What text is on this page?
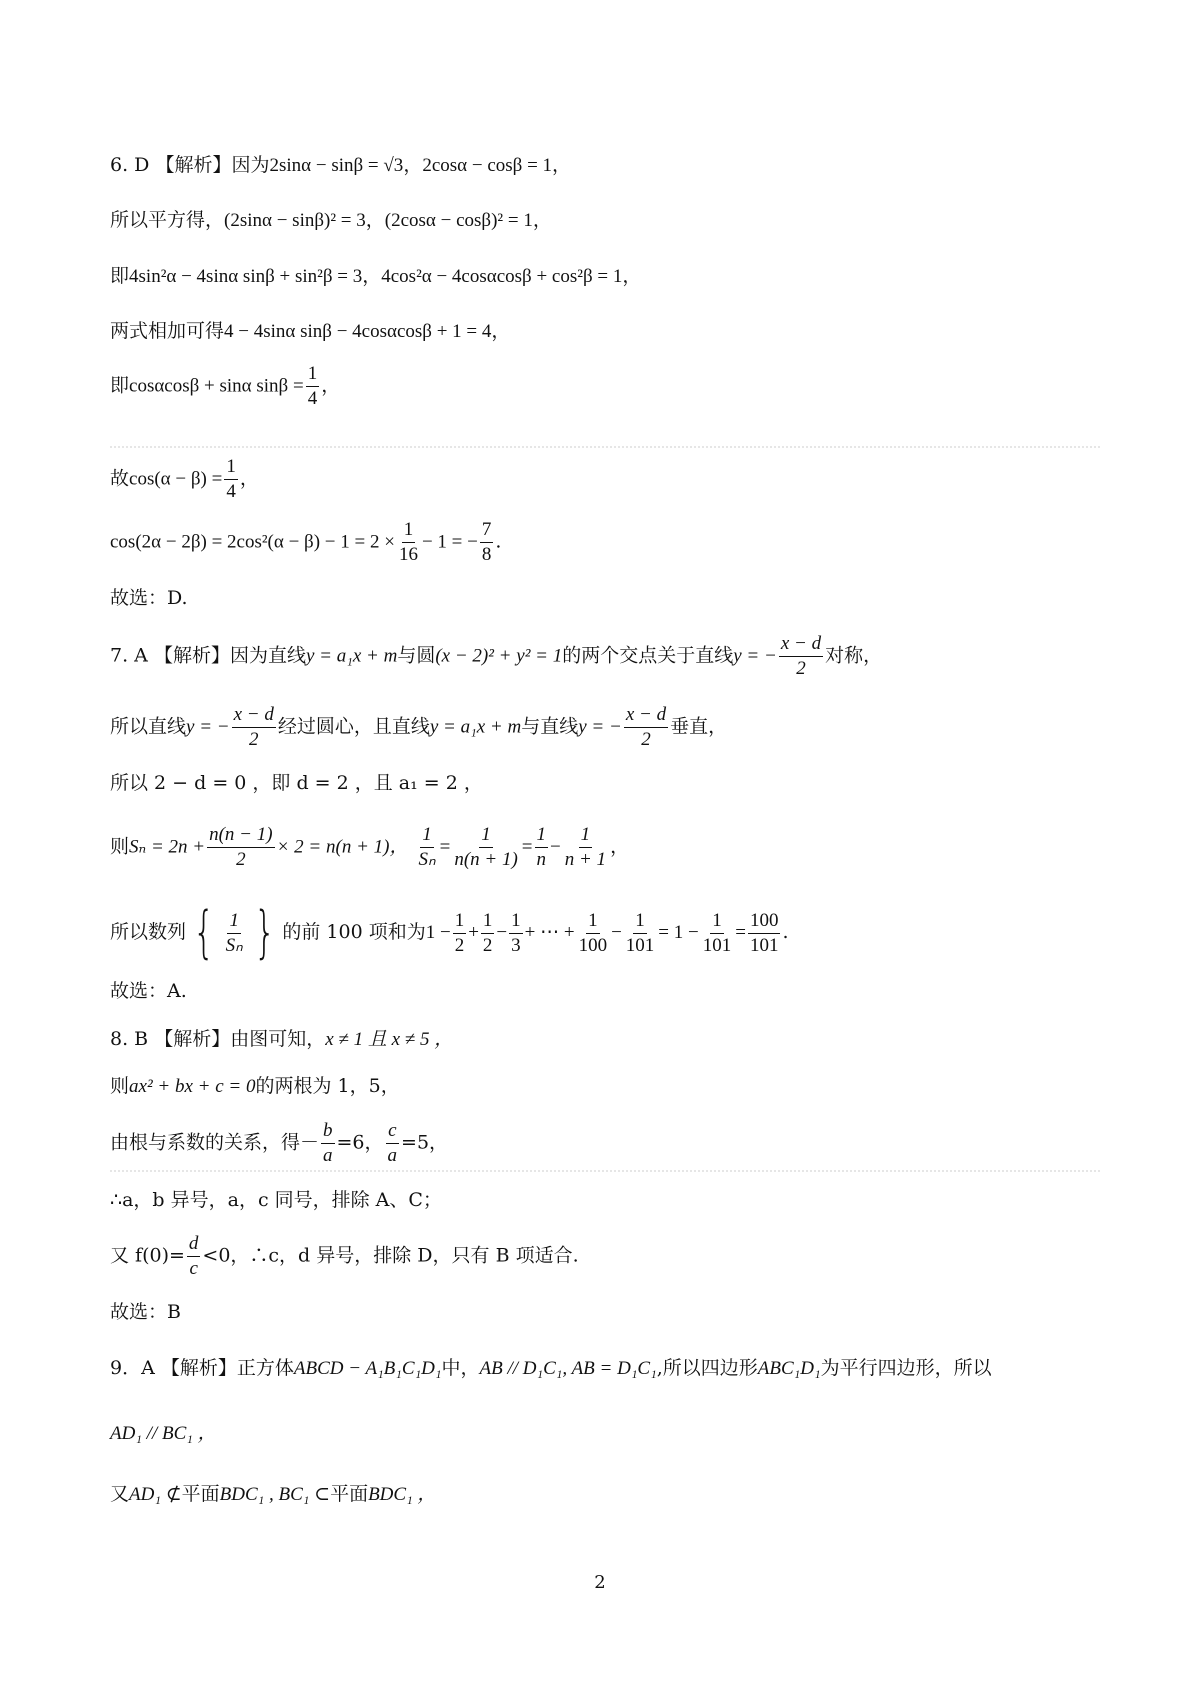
6. D 【解析】因为2sinα − sinβ = √3，2cosα − cosβ = 1，
所以平方得，(2sinα − sinβ)² = 3，(2cosα − cosβ)² = 1，
即4sin²α − 4sinα sinβ + sin²β = 3，4cos²α − 4cosαcosβ + cos²β = 1，
两式相加可得4 − 4sinα sinβ − 4cosαcosβ + 1 = 4，
即cosαcosβ + sinα $\sin\beta = \frac{1}{4}$ ，
故$\cos(\alpha - \beta) = \frac{1}{4}$ ，
$\cos(2\alpha - 2\beta) = 2\cos^2(\alpha - \beta) - 1 = 2 \times \frac{1}{16} - 1$ = − $\frac{7}{8}$ .
故选：D.
7. A 【解析】因为直线y = a₁x + m与圆(x − 2)² + y² = 1的两个交点关于直线y = − $\frac{x - d}{2}$ 对称，
所以直线y = − $\frac{x - d}{2}$ 经过圆心，且直线y = a₁x + m与直线y = − $\frac{x - d}{2}$ 垂直，
所以 2 − d = 0 ，即 d = 2 ，且 a₁ = 2 ，
则$S_n = 2n + \frac{n(n - 1)}{2} \times 2 = n(n + 1)$， $\frac{1}{\text{Sₙ}} = \frac{1}{n(n + 1)} = \frac{1}{n} - \frac{1}{n + 1}$ ，
所以数列 { 1
Sₙ } 的前 100 项和为$1 - \frac{1}{2} + \frac{1}{2} - \frac{1}{3}$ + ⋯ + $\frac{1}{100} - \frac{1}{101} = 1 - \frac{1}{101} = \frac{100}{101}$ .
故选：A.
8. B 【解析】由图可知，x ≠ 1 且 x ≠ 5 ，
则ax² + bx + c = 0的两根为 1，5，
由根与系数的关系，得－ $\frac{b}{a} =6$， $\frac{c}{a} =5$，
∴a，b 异号，a，c 同号，排除 A、C；
又 $f(0)= \frac{d}{c} <0$，∴c，d 异号，排除 D，只有 B 项适合.
故选：B
9．A 【解析】正方体ABCD − A₁B₁C₁D₁中，AB // D₁C₁, AB = D₁C₁,所以四边形ABC₁D₁为平行四边形，所以
AD₁ // BC₁ ，
又AD₁ ⊄平面BDC₁ , BC₁ ⊂平面BDC₁ ，
2
